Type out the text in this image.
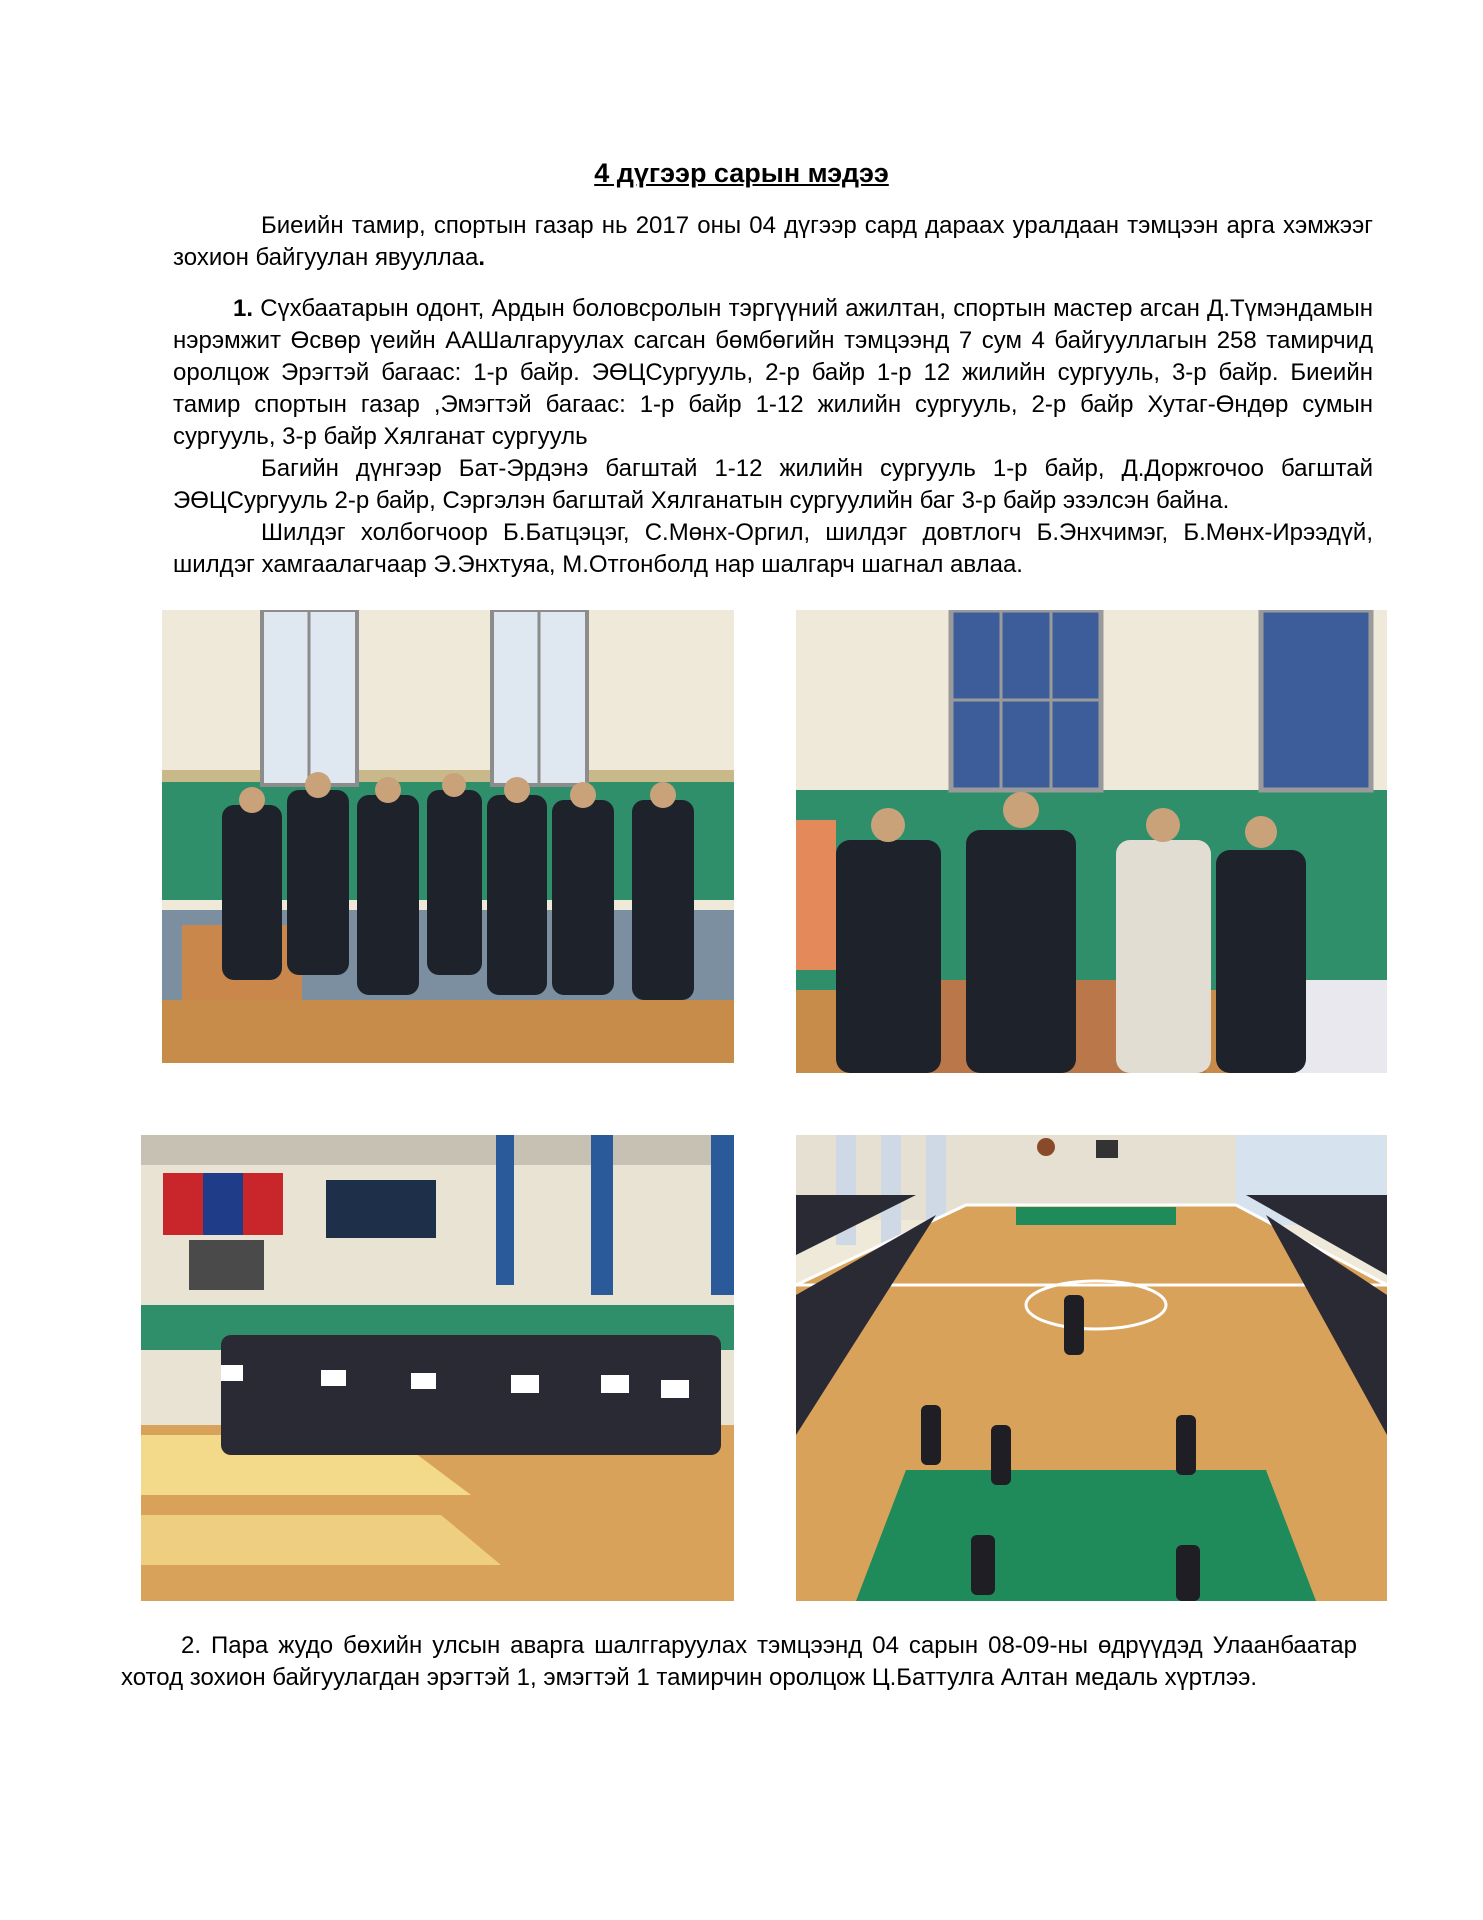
4 дүгээр сарын мэдээ

Биеийн тамир, спортын газар нь 2017 оны 04 дүгээр сард дараах уралдаан тэмцээн арга хэмжээг зохион байгуулан явууллаа.

1. Сүхбаатарын одонт, Ардын боловсролын тэргүүний ажилтан, спортын мастер агсан Д.Түмэндамын нэрэмжит Өсвөр үеийн ААШалгаруулах сагсан бөмбөгийн тэмцээнд 7 сум 4 байгууллагын 258 тамирчид оролцож Эрэгтэй багаас: 1-р байр. ЭӨЦСургууль, 2-р байр 1-р 12 жилийн сургууль, 3-р байр. Биеийн тамир спортын газар ,Эмэгтэй багаас: 1-р байр 1-12 жилийн сургууль, 2-р байр Хутаг-Өндөр сумын сургууль, 3-р байр Хялганат сургууль

Багийн дүнгээр Бат-Эрдэнэ багштай 1-12 жилийн сургууль 1-р байр, Д.Доржгочоо багштай ЭӨЦСургууль 2-р байр, Сэргэлэн багштай Хялганатын сургуулийн баг 3-р байр эзэлсэн байна.

Шилдэг холбогчоор Б.Батцэцэг, С.Мөнх-Оргил, шилдэг довтлогч Б.Энхчимэг, Б.Мөнх-Ирээдүй, шилдэг хамгаалагчаар Э.Энхтуяа, М.Отгонболд нар шалгарч шагнал авлаа.

2. Пара жудо бөхийн улсын аварга шалггаруулах тэмцээнд 04 сарын 08-09-ны өдрүүдэд Улаанбаатар хотод зохион байгуулагдан эрэгтэй 1, эмэгтэй 1 тамирчин оролцож Ц.Баттулга Алтан медаль хүртлээ.
